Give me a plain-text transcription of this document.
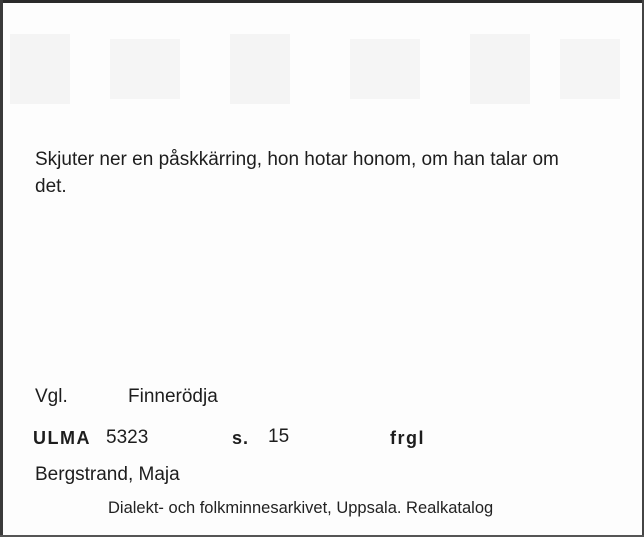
Skjuter ner en påskkärring, hon hotar honom, om han talar om det.
Vgl.	Finnerödja
ULMA 5323	s. 15	frgl
Bergstrand, Maja
Dialekt- och folkminnesarkivet, Uppsala. Realkatalog
